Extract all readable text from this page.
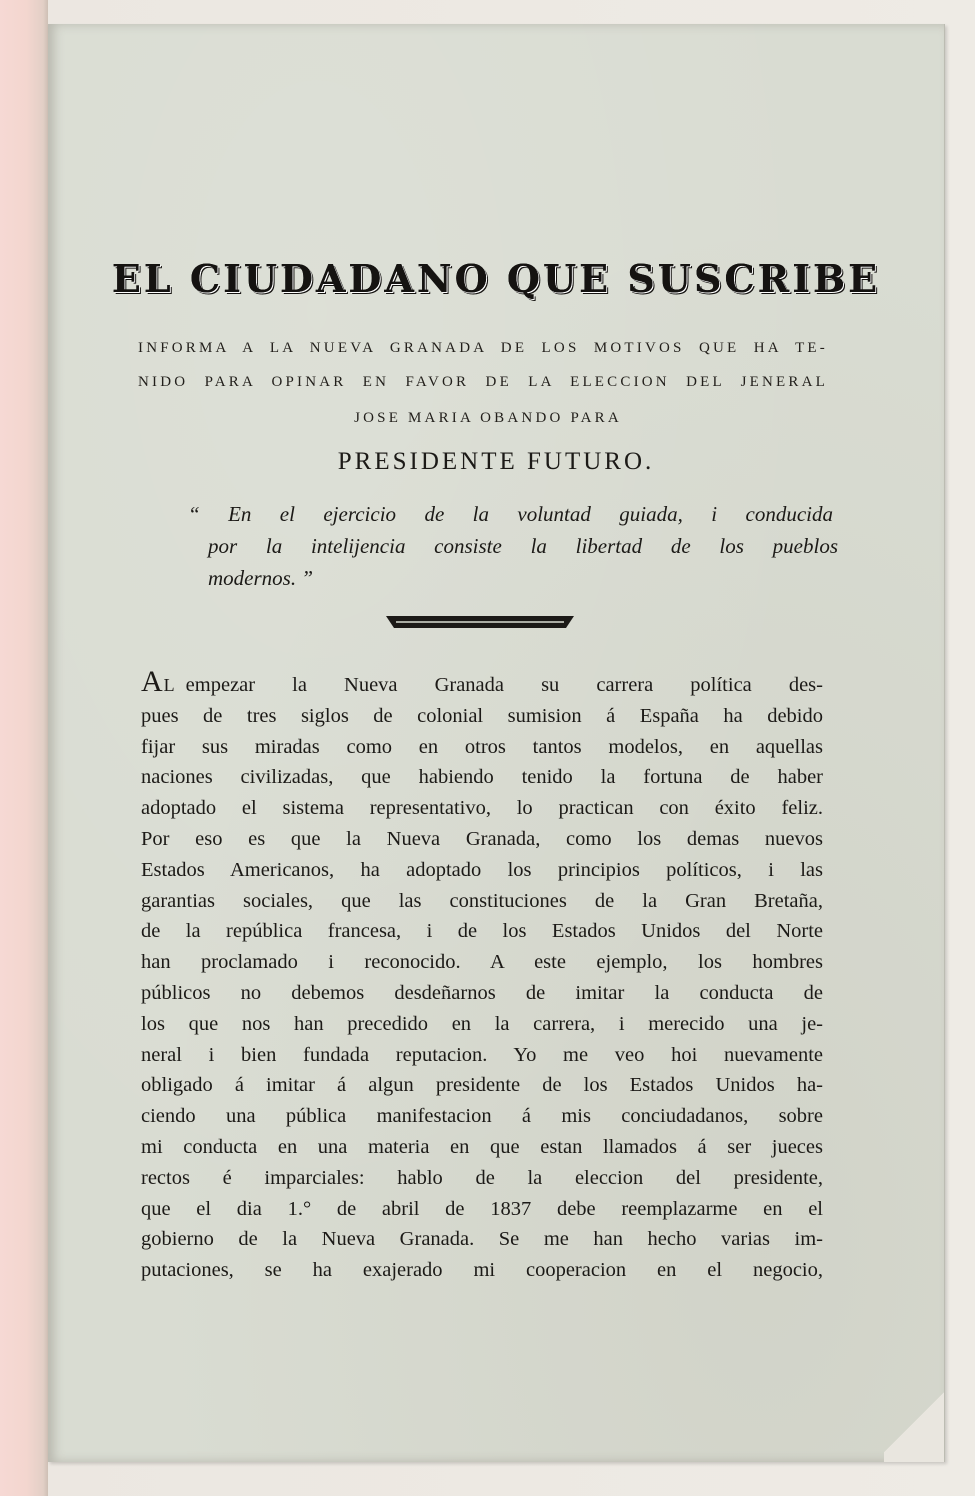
EL CIUDADANO QUE SUSCRIBE
INFORMA A LA NUEVA GRANADA DE LOS MOTIVOS QUE HA TE-
NIDO PARA OPINAR EN FAVOR DE LA ELECCION DEL JENERAL
JOSE MARIA OBANDO PARA
PRESIDENTE FUTURO.
“ En el ejercicio de la voluntad guiada, i conducida
por la intelijencia consiste la libertad de los pueblos
modernos. ”
AL empezar la Nueva Granada su carrera política des-
pues de tres siglos de colonial sumision á España ha debido
fijar sus miradas como en otros tantos modelos, en aquellas
naciones civilizadas, que habiendo tenido la fortuna de haber
adoptado el sistema representativo, lo practican con éxito feliz.
Por eso es que la Nueva Granada, como los demas nuevos
Estados Americanos, ha adoptado los principios políticos, i las
garantias sociales, que las constituciones de la Gran Bretaña,
de la república francesa, i de los Estados Unidos del Norte
han proclamado i reconocido. A este ejemplo, los hombres
públicos no debemos desdeñarnos de imitar la conducta de
los que nos han precedido en la carrera, i merecido una je-
neral i bien fundada reputacion. Yo me veo hoi nuevamente
obligado á imitar á algun presidente de los Estados Unidos ha-
ciendo una pública manifestacion á mis conciudadanos, sobre
mi conducta en una materia en que estan llamados á ser jueces
rectos é imparciales: hablo de la eleccion del presidente,
que el dia 1.° de abril de 1837 debe reemplazarme en el
gobierno de la Nueva Granada. Se me han hecho varias im-
putaciones, se ha exajerado mi cooperacion en el negocio,
